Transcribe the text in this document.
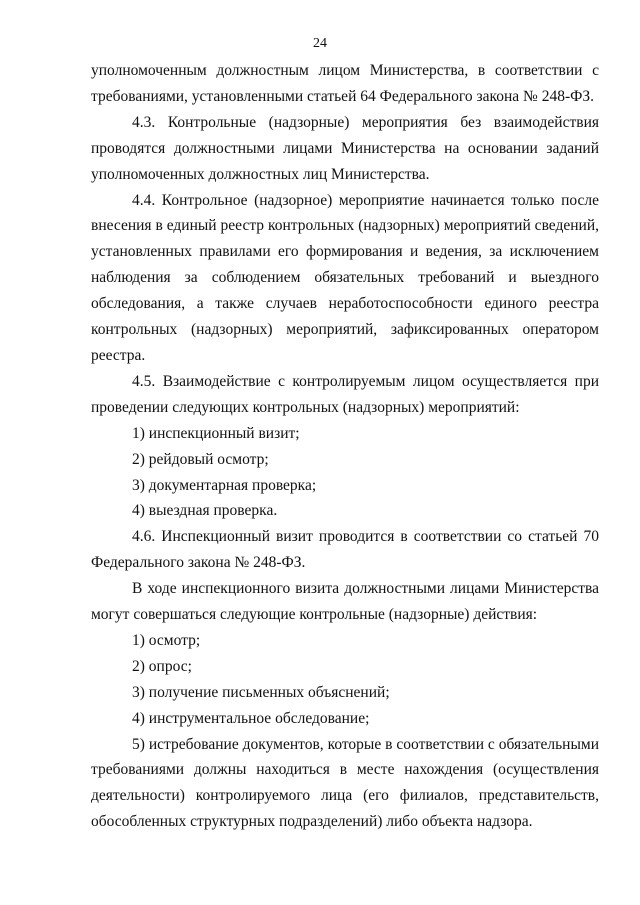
24

уполномоченным должностным лицом Министерства, в соответствии с требованиями, установленными статьей 64 Федерального закона № 248-ФЗ.

4.3. Контрольные (надзорные) мероприятия без взаимодействия проводятся должностными лицами Министерства на основании заданий уполномоченных должностных лиц Министерства.

4.4. Контрольное (надзорное) мероприятие начинается только после внесения в единый реестр контрольных (надзорных) мероприятий сведений, установленных правилами его формирования и ведения, за исключением наблюдения за соблюдением обязательных требований и выездного обследования, а также случаев неработоспособности единого реестра контрольных (надзорных) мероприятий, зафиксированных оператором реестра.

4.5. Взаимодействие с контролируемым лицом осуществляется при проведении следующих контрольных (надзорных) мероприятий:

1) инспекционный визит;

2) рейдовый осмотр;

3) документарная проверка;

4) выездная проверка.

4.6. Инспекционный визит проводится в соответствии со статьей 70 Федерального закона № 248-ФЗ.

В ходе инспекционного визита должностными лицами Министерства могут совершаться следующие контрольные (надзорные) действия:

1) осмотр;

2) опрос;

3) получение письменных объяснений;

4) инструментальное обследование;

5) истребование документов, которые в соответствии с обязательными требованиями должны находиться в месте нахождения (осуществления деятельности) контролируемого лица (его филиалов, представительств, обособленных структурных подразделений) либо объекта надзора.
